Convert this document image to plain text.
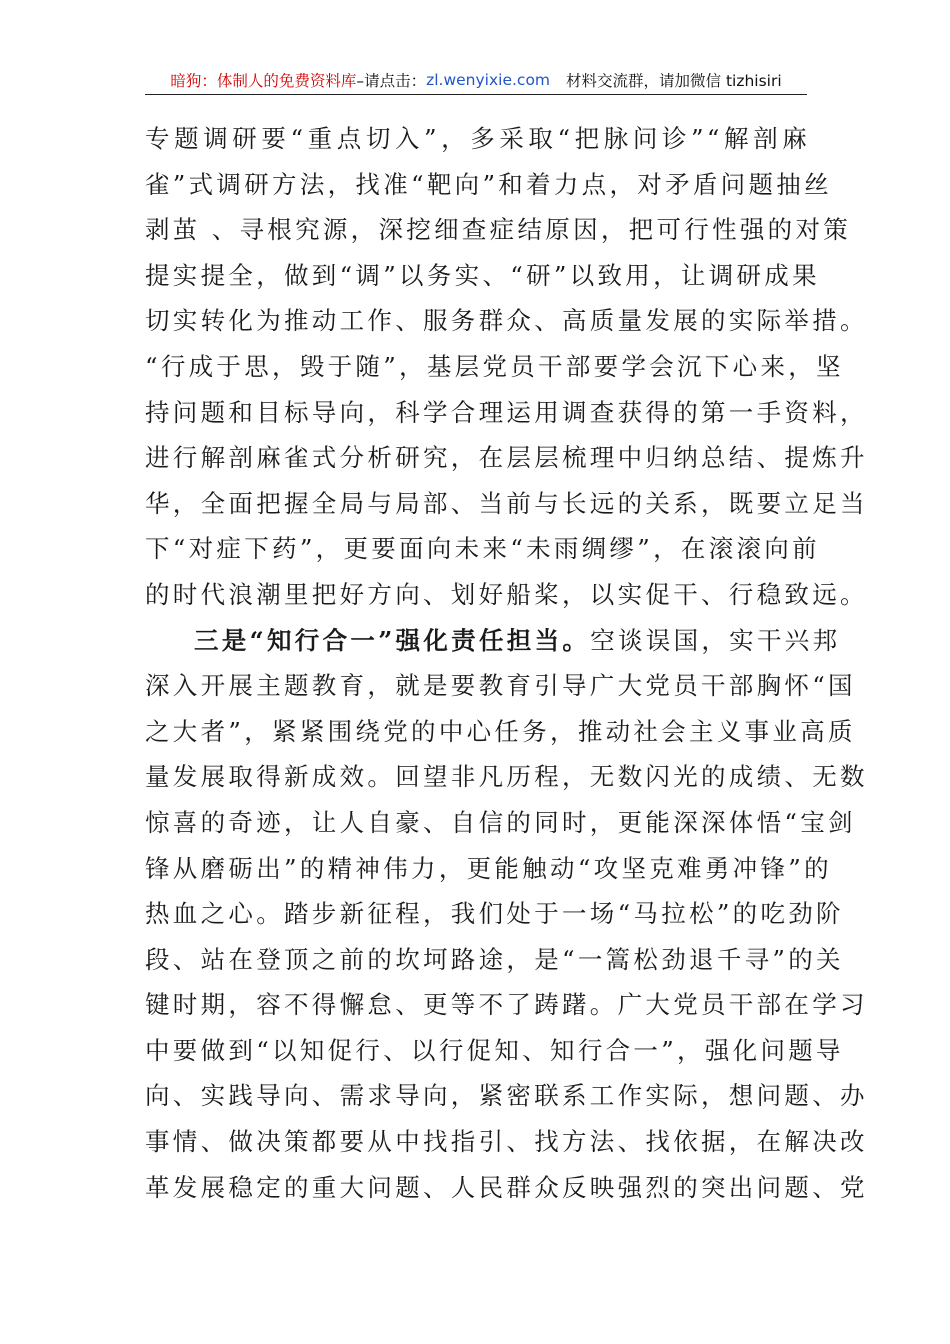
暗狗：体制人的免费资料库 –请点击： zl.wenyixie.com 材料交流群，请加微信 tizhisiri
专题调研要“重点切入”，多采取“把脉问诊”“解剖麻
雀”式调研方法，找准“靶向”和着力点，对矛盾问题抽丝
剥茧 、寻根究源，深挖细查症结原因，把可行性强的对策
提实提全，做到“调”以务实、“研”以致用，让调研成果
切实转化为推动工作、服务群众、高质量发展的实际举措。
“行成于思，毁于随”，基层党员干部要学会沉下心来，坚
持问题和目标导向，科学合理运用调查获得的第一手资料，
进行解剖麻雀式分析研究，在层层梳理中归纳总结、提炼升
华，全面把握全局与局部、当前与长远的关系，既要立足当
下“对症下药”，更要面向未来“未雨绸缪”，在滚滚向前
的时代浪潮里把好方向、划好船桨，以实促干、行稳致远。
三是“知行合一”强化责任担当。空谈误国，实干兴邦
深入开展主题教育，就是要教育引导广大党员干部胸怀“国
之大者”，紧紧围绕党的中心任务，推动社会主义事业高质
量发展取得新成效。回望非凡历程，无数闪光的成绩、无数
惊喜的奇迹，让人自豪、自信的同时，更能深深体悟“宝剑
锋从磨砺出”的精神伟力，更能触动“攻坚克难勇冲锋”的
热血之心。踏步新征程，我们处于一场“马拉松”的吃劲阶
段、站在登顶之前的坎坷路途，是“一篙松劲退千寻”的关
键时期，容不得懈怠、更等不了踌躇。广大党员干部在学习
中要做到“以知促行、以行促知、知行合一”，强化问题导
向、实践导向、需求导向，紧密联系工作实际，想问题、办
事情、做决策都要从中找指引、找方法、找依据，在解决改
革发展稳定的重大问题、人民群众反映强烈的突出问题、党
